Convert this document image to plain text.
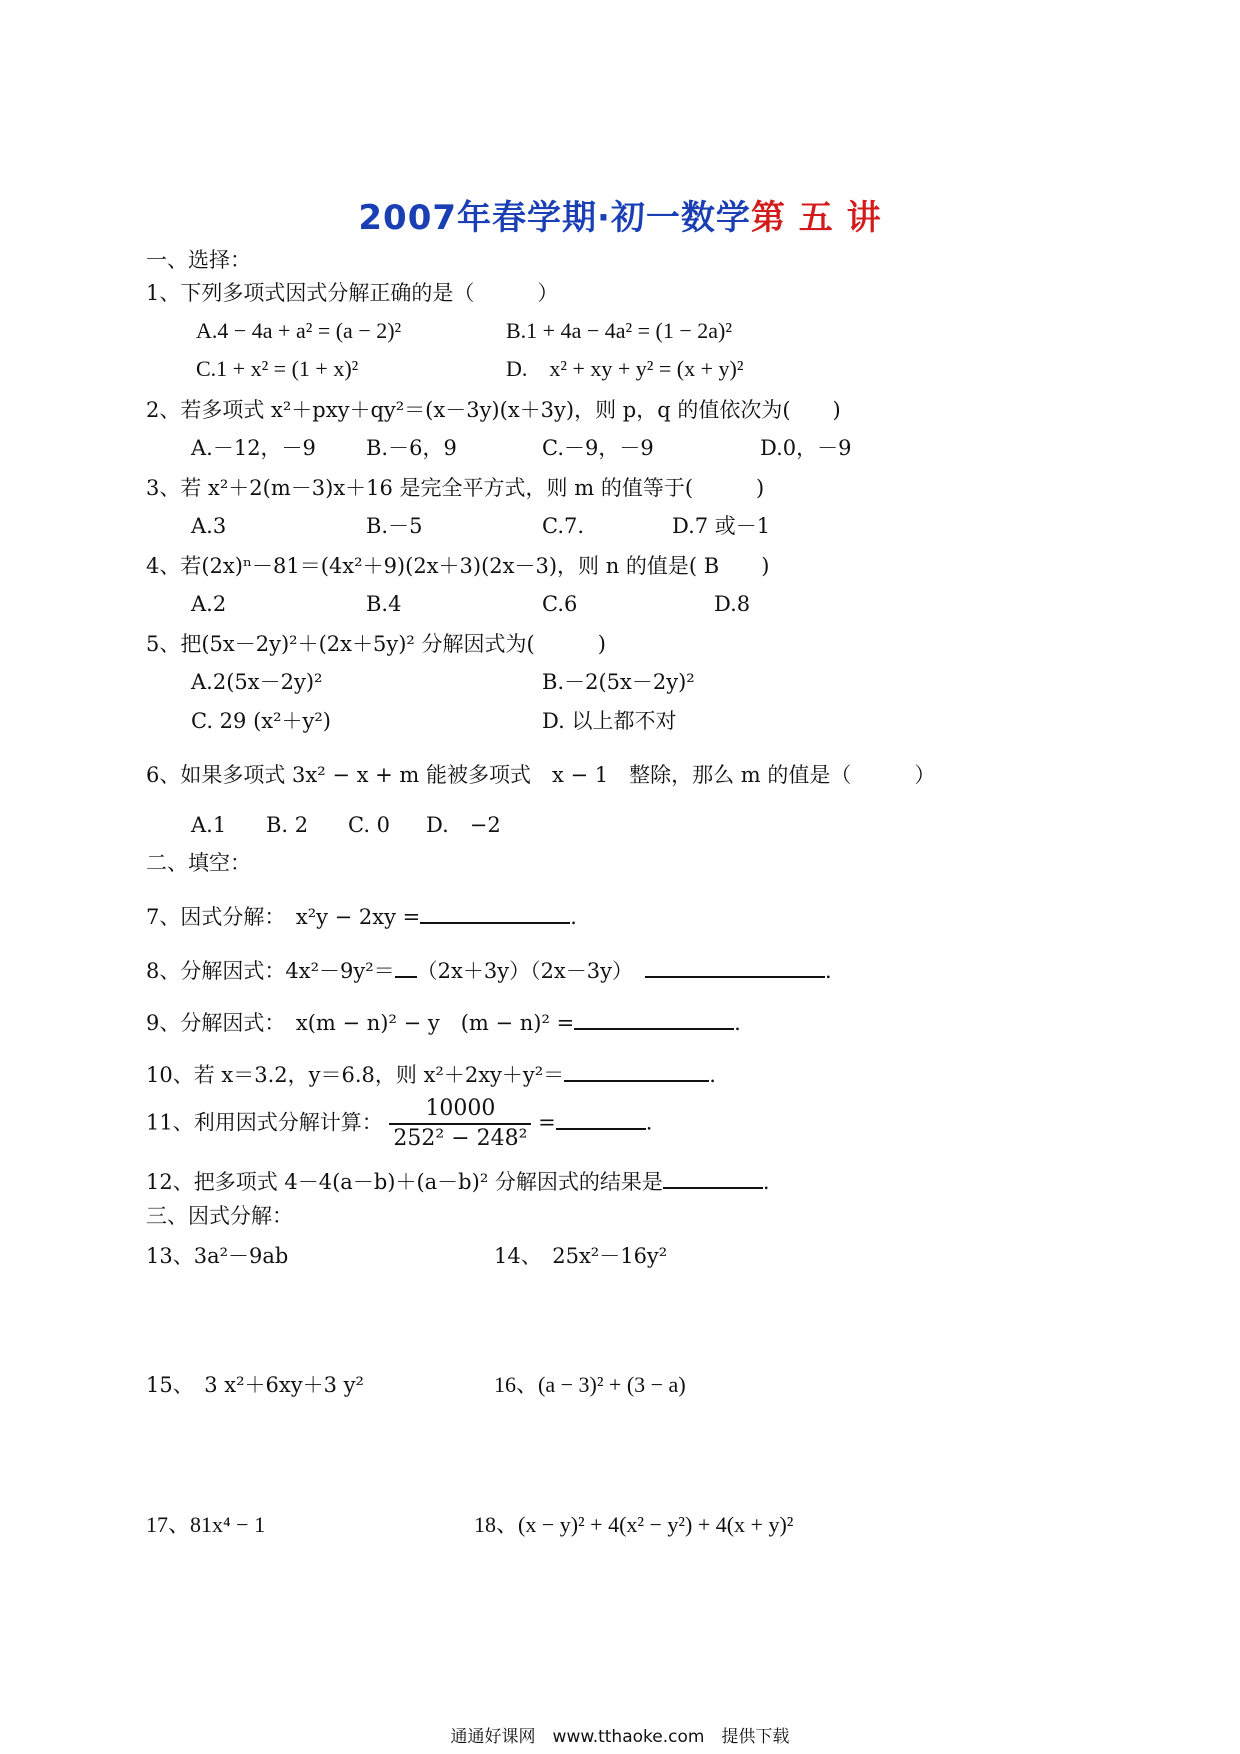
2007年春学期·初一数学第 五 讲
一、选择：
1、下列多项式因式分解正确的是（　　　）
A.4 − 4a + a² = (a − 2)²	B.1 + 4a − 4a² = (1 − 2a)²
C.1 + x² = (1 + x)²	D.　x² + xy + y² = (x + y)²
2、若多项式 x²＋pxy＋qy²＝(x－3y)(x＋3y)，则 p，q 的值依次为(　　)
A.－12，－9 B.－6，9	C.－9，－9	D.0，－9
3、若 x²＋2(m－3)x＋16 是完全平方式，则 m 的值等于(　　　)
A.3	B.－5	C.7.	D.7 或－1
4、若(2x)ⁿ－81＝(4x²＋9)(2x＋3)(2x－3)，则 n 的值是( B　　)
A.2	B.4	C.6	D.8
5、把(5x－2y)²＋(2x＋5y)² 分解因式为(　　　)
A.2(5x－2y)²	B.－2(5x－2y)²
C. 29 (x²＋y²)	D. 以上都不对
6、如果多项式 3x² − x + m 能被多项式　x − 1　整除，那么 m 的值是（　　　）
A.1 B. 2 C. 0 D.　−2
二、填空：
7、因式分解：　x²y − 2xy =	.
8、分解因式：4x²－9y²＝ （2x＋3y）（2x－3y）	.
9、分解因式：　x(m − n)² − y　(m − n)² =	.
10、若 x＝3.2，y＝6.8，则 x²＋2xy＋y²＝	.
11、利用因式分解计算： $\frac{10000}{\text{252² − 248²}}$ =	.
12、把多项式 4－4(a－b)＋(a－b)² 分解因式的结果是	.
三、因式分解：
13、3a²－9ab	14、　25x²－16y²
15、　3 x²＋6xy＋3 y²	16、(a − 3)² + (3 − a)
17、81x⁴ − 1	18、(x − y)² + 4(x² − y²) + 4(x + y)²
通通好课网　www.tthaoke.com　提供下载
